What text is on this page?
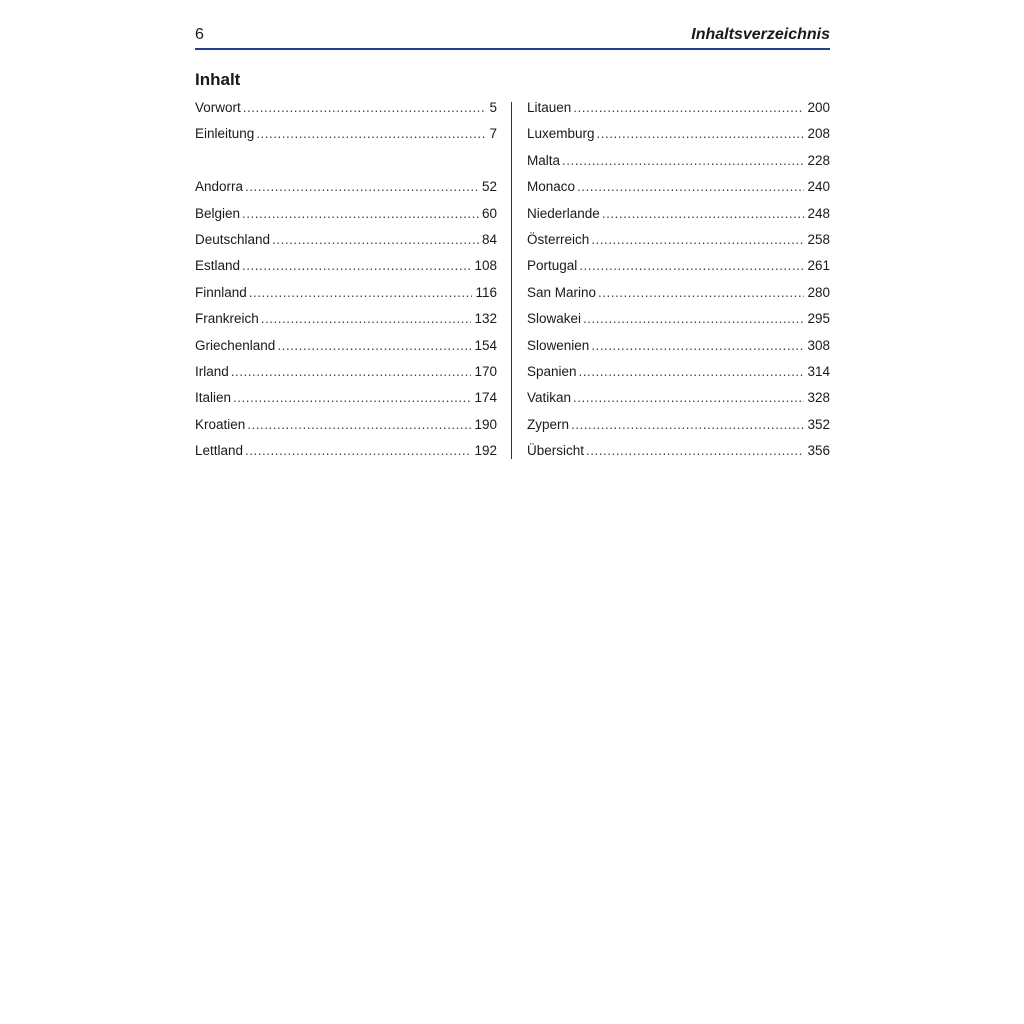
6	Inhaltsverzeichnis
Inhalt
Vorwort .....	5
Einleitung .....	7
Andorra .....	52
Belgien .....	60
Deutschland .....	84
Estland .....	108
Finnland .....	116
Frankreich .....	132
Griechenland .....	154
Irland .....	170
Italien .....	174
Kroatien .....	190
Lettland .....	192
Litauen .....	200
Luxemburg .....	208
Malta .....	228
Monaco .....	240
Niederlande .....	248
Österreich .....	258
Portugal .....	261
San Marino .....	280
Slowakei .....	295
Slowenien .....	308
Spanien .....	314
Vatikan .....	328
Zypern .....	352
Übersicht .....	356
